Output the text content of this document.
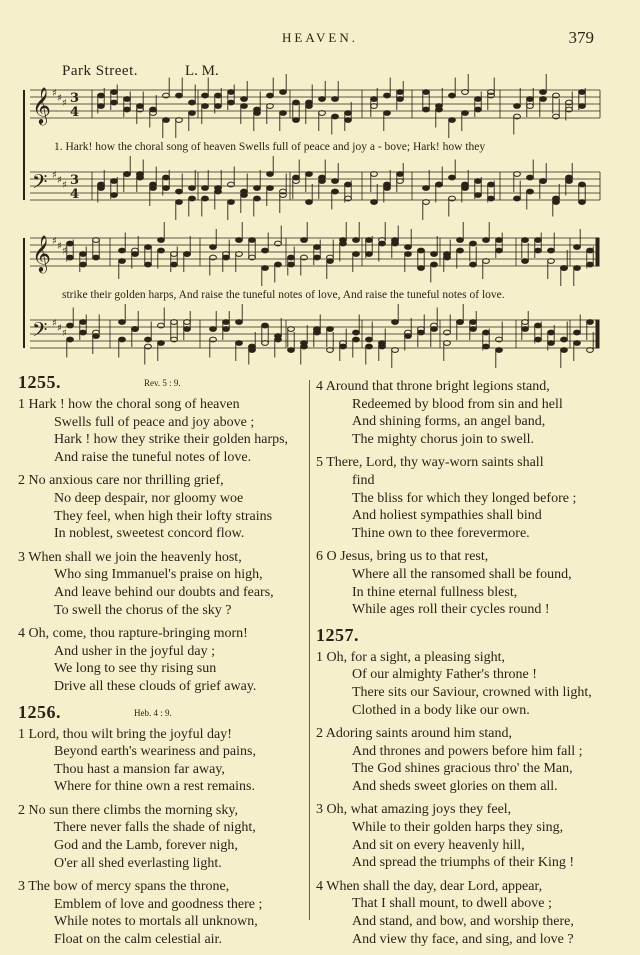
HEAVEN.	379
Park Street.	L. M.
𝄞 ♯ ♯ ♯ 3
4
𝄢 ♯ ♯ ♯ 3
4
𝄞 ♯ ♯ ♯
𝄢 ♯ ♯ ♯
1. Hark! how the choral song of heaven Swells full of peace and joy a - bove; Hark! how they
strike their golden harps, And raise the tuneful notes of love, And raise the tuneful notes of love.
1255.	Rev. 5 : 9.
1 Hark ! how the choral song of heaven
Swells full of peace and joy above ;
Hark ! how they strike their golden harps,
And raise the tuneful notes of love.
2 No anxious care nor thrilling grief,
No deep despair, nor gloomy woe
They feel, when high their lofty strains
In noblest, sweetest concord flow.
3 When shall we join the heavenly host,
Who sing Immanuel's praise on high,
And leave behind our doubts and fears,
To swell the chorus of the sky ?
4 Oh, come, thou rapture-bringing morn!
And usher in the joyful day ;
We long to see thy rising sun
Drive all these clouds of grief away.
1256.	Heb. 4 : 9.
1 Lord, thou wilt bring the joyful day!
Beyond earth's weariness and pains,
Thou hast a mansion far away,
Where for thine own a rest remains.
2 No sun there climbs the morning sky,
There never falls the shade of night,
God and the Lamb, forever nigh,
O'er all shed everlasting light.
3 The bow of mercy spans the throne,
Emblem of love and goodness there ;
While notes to mortals all unknown,
Float on the calm celestial air.
4 Around that throne bright legions stand,
Redeemed by blood from sin and hell
And shining forms, an angel band,
The mighty chorus join to swell.
5 There, Lord, thy way-worn saints shall
find
The bliss for which they longed before ;
And holiest sympathies shall bind
Thine own to thee forevermore.
6 O Jesus, bring us to that rest,
Where all the ransomed shall be found,
In thine eternal fullness blest,
While ages roll their cycles round !
1257.
1 Oh, for a sight, a pleasing sight,
Of our almighty Father's throne !
There sits our Saviour, crowned with light,
Clothed in a body like our own.
2 Adoring saints around him stand,
And thrones and powers before him fall ;
The God shines gracious thro' the Man,
And sheds sweet glories on them all.
3 Oh, what amazing joys they feel,
While to their golden harps they sing,
And sit on every heavenly hill,
And spread the triumphs of their King !
4 When shall the day, dear Lord, appear,
That I shall mount, to dwell above ;
And stand, and bow, and worship there,
And view thy face, and sing, and love ?
